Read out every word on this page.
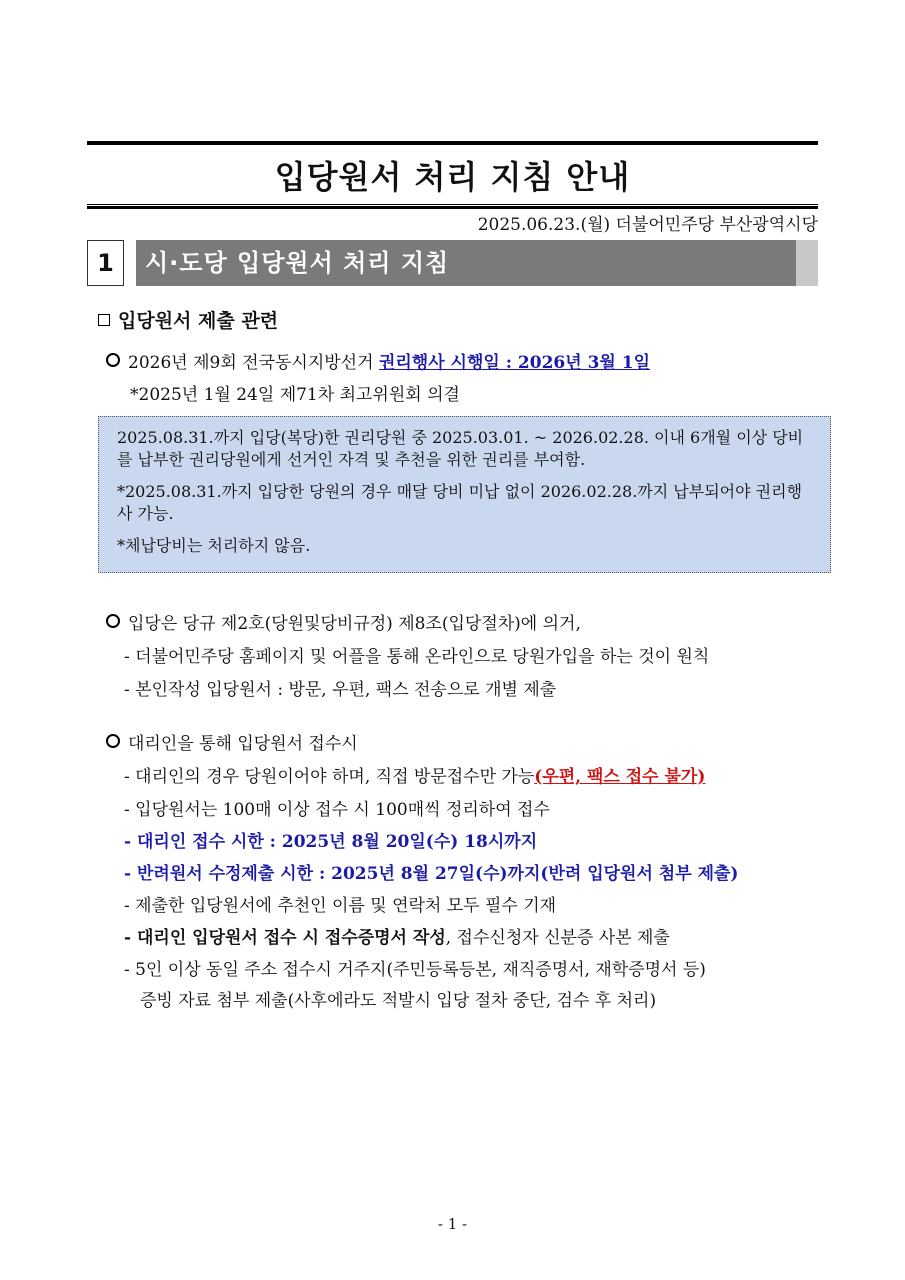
입당원서 처리 지침 안내
2025.06.23.(월) 더불어민주당 부산광역시당
1	시·도당 입당원서 처리 지침
입당원서 제출 관련
2026년 제9회 전국동시지방선거 권리행사 시행일 : 2026년 3월 1일
*2025년 1월 24일 제71차 최고위원회 의결

2025.08.31.까지 입당(복당)한 권리당원 중 2025.03.01. ~ 2026.02.28. 이내 6개월 이상 당비를 납부한 권리당원에게 선거인 자격 및 추천을 위한 권리를 부여함.

*2025.08.31.까지 입당한 당원의 경우 매달 당비 미납 없이 2026.02.28.까지 납부되어야 권리행사 가능.

*체납당비는 처리하지 않음.

입당은 당규 제2호(당원및당비규정) 제8조(입당절차)에 의거,
- 더불어민주당 홈페이지 및 어플을 통해 온라인으로 당원가입을 하는 것이 원칙
- 본인작성 입당원서 : 방문, 우편, 팩스 전송으로 개별 제출
대리인을 통해 입당원서 접수시
- 대리인의 경우 당원이어야 하며, 직접 방문접수만 가능(우편, 팩스 접수 불가)
- 입당원서는 100매 이상 접수 시 100매씩 정리하여 접수
- 대리인 접수 시한 : 2025년 8월 20일(수) 18시까지
- 반려원서 수정제출 시한 : 2025년 8월 27일(수)까지(반려 입당원서 첨부 제출)
- 제출한 입당원서에 추천인 이름 및 연락처 모두 필수 기재
- 대리인 입당원서 접수 시 접수증명서 작성, 접수신청자 신분증 사본 제출
- 5인 이상 동일 주소 접수시 거주지(주민등록등본, 재직증명서, 재학증명서 등)
증빙 자료 첨부 제출(사후에라도 적발시 입당 절차 중단, 검수 후 처리)
- 1 -
